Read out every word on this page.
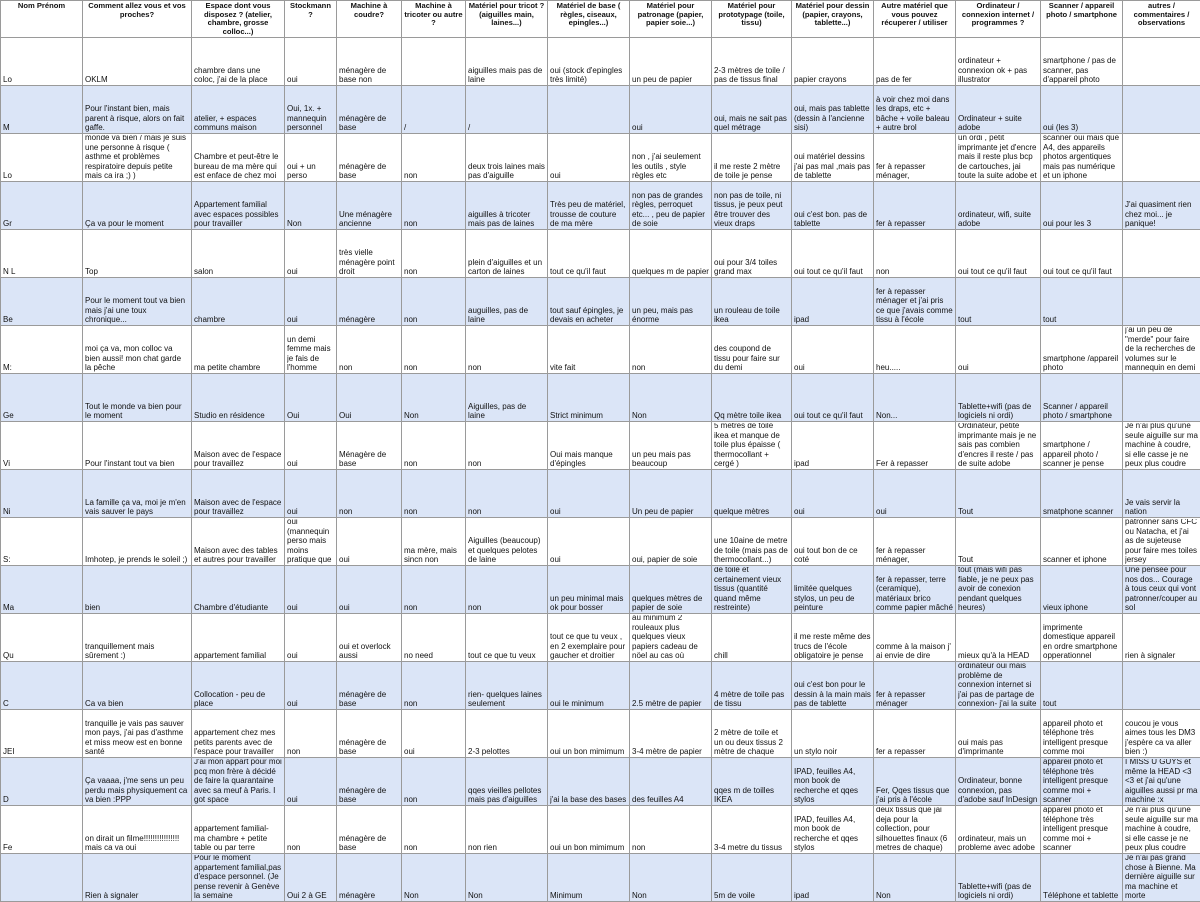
Nom Prénom	Comment allez vous et vos proches?	Espace dont vous disposez ? (atelier, chambre, grosse colloc...)	Stockmann ?	Machine à coudre?	Machine à tricoter ou autre ?	Matériel pour tricot ? (aiguilles main, laines...)	Matériel de base ( règles, ciseaux, epingles...)	Matériel pour patronage (papier, papier soie...)	Matériel pour prototypage (toile, tissu)	Matériel pour dessin (papier, crayons, tablette...)	Autre matériel que vous pouvez récuperer / utiliser	Ordinateur / connexion internet / programmes ?	Scanner / appareil photo / smartphone	autres / commentaires / observations

Lo	OKLM	chambre dans une coloc, j'ai de la place	oui	ménagère de base non		aiguilles mais pas de laine	oui (stock d'epingles très limité)	un peu de papier	2-3 mètres de toile / pas de tissus final	papier crayons	pas de fer	ordinateur + connexion ok + pas illustrator	smartphone / pas de scanner, pas d'appareil photo	

M	Pour l'instant bien, mais parent à risque, alors on fait gaffe.	atelier, + espaces communs maison	Oui, 1x. + mannequin personnel	ménagère de base	/	/		oui	oui, mais ne sait pas quel métrage	oui, mais pas tablette (dessin à l'ancienne sisi)	à voir chez moi dans les draps, etc + bâche + voile baleau + autre brol	Ordinateur + suite adobe	oui (les 3)	

Lo	monde va bien / mais je suis une personne à risque ( asthme et problèmes respiratoire depuis petite mais ca ira ;) )	Chambre et peut-être le bureau de ma mère qui est enface de chez moi	oui + un perso	ménagère de base	non	deux trois laines mais pas d'aiguille	oui	non , j'ai seulement les outils , style règles etc	il me reste 2 mètre de toile je pense	oui matériel dessins j'ai pas mal ,mais pas de tablette	fer à repasser ménager,	un ordi , petit imprimante jet d'encre mais il reste plus bcp de cartouches, jai toute la suite adobe et	scanner oui mais que A4, des appareils photos argentiques mais pas numérique et un iphone	

Gr	Ça va pour le moment	Appartement familial avec espaces possibles pour travailler	Non	Une ménagère ancienne	non	aiguilles à tricoter mais pas de laines	Très peu de matériel, trousse de couture de ma mère	non pas de grandes règles, perroquet etc... , peu de papier de soie	non pas de toile, ni tissus, je peux peut être trouver des vieux draps	oui c'est bon. pas de tablette	fer à repasser	ordinateur, wifi, suite adobe	oui pour les 3	J'ai quasiment rien chez moi... je panique!

N L	Top	salon	oui	très vielle ménagère point droit	non	plein d'aiguilles et un carton de laines	tout ce qu'il faut	quelques m de papier	oui pour 3/4 toiles grand max	oui tout ce qu'il faut	non	oui tout ce qu'il faut	oui tout ce qu'il faut	

Be	Pour le moment tout va bien mais j'ai une toux chronique...	chambre	oui	ménagère	non	auguilles, pas de laine	tout sauf épingles, je devais en acheter	un peu, mais pas énorme	un rouleau de toile ikea	ipad	fer à repasser ménager et j'ai pris ce que j'avais comme tissu à l'école	tout	tout	

M:	moi ça va, mon colloc va bien aussi! mon chat garde la pêche	ma petite chambre	un demi femme mais je fais de l'homme	non	non	non	vite fait	non	des coupond de tissu pour faire sur du demi	oui	heu.....	oui	smartphone /appareil photo	j'ai un peu de "merde" pour faire de la recherches de volumes sur le mannequin en demi

Ge	Tout le monde va bien pour le moment	Studio en résidence	Oui	Oui	Non	Aiguilles, pas de laine	Strict minimum	Non	Qq mètre toile ikea	oui tout ce qu'il faut	Non...	Tablette+wifi (pas de logiciels ni ordi)	Scanner / appareil photo / smartphone	

Vi	Pour l'instant tout va bien	Maison avec de l'espace pour travaillez	oui	Ménagère de base	non	non	Oui mais manque d'épingles	un peu mais pas beaucoup	5 metres de toile ikea et manque de toile plus épaisse ( thermocollant + cergé )	ipad	Fer à repasser	Ordinateur, petite imprimante mais je ne sais pas combien d'encres il reste / pas de suite adobe	smartphone / appareil photo / scanner je pense	Je n'ai plus qu'une seule aiguille sur ma machine à coudre, si elle casse je ne peux plus coudre

Ni	La famille ça va, moi je m'en vais sauver le pays	Maison avec de l'espace pour travaillez	oui	non	non	non	oui	Un peu de papier	quelque mètres	oui	oui	Tout	smatphone scanner	Je vais servir la nation

S:	Imhotep, je prends le soleil ;)	Maison avec des tables et autres pour travailler	oui (mannequin perso mais moins pratique que	oui	ma mère, mais sincn non	Aiguilles (beaucoup) et quelques pelotes de laine	oui	oui, papier de soie	une 10aine de metre de toile (mais pas de thermocollant...)	oui tout bon de ce coté	fer à repasser ménager,	Tout	scanner et iphone	patronner sans CFC ou Natacha, et j'ai as de sujeteuse pour faire mes toiles jersey

Ma	bien	Chambre d'étudiante	oui	oui	non	non	un peu minimal mais ok pour bosser	quelques mètres de papier de soie	de toile et certainement vieux tissus (quantité quand même restreinte)	limitée quelques stylos, un peu de peinture	fer à repasser, terre (ceramique), matériaux brico comme papier mâché	tout (mais wifi pas fiable, je ne peux pas avoir de conexion pendant quelques heures)	vieux iphone	Une pensée pour nos dos... Courage à tous ceux qui vont patronner/couper au sol

Qu	tranquillement mais sûrement :)	appartement familial	oui	oui et overlock aussi	no need	tout ce que tu veux	tout ce que tu veux , en 2 exemplaire pour gaucher et droitier	au minimum 2 rouleaux plus quelques vieux papiers cadeau de nöel au cas où	chill	il me reste même des trucs de l'école obligatoire je pense	comme à la maison j' ai envie de dire	mieux qu'à la HEAD	imprimente domestique appareil en ordre smartphone opperationnel	rien à signaler

C	Ca va bien	Collocation - peu de place	oui	ménagère de base	non	rien- quelques laines seulement	oui le minimum	2.5 mètre de papier	4 mètre de toile pas de tissu	oui c'est bon pour le dessin à la main mais pas de tablette	fer à repasser ménager	ordinateur oui mais problème de connexion internet si j'ai pas de partage de connexion- j'ai la suite	tout	

JEI	tranquille je vais pas sauver mon pays, j'ai pas d'asthme et miss meow est en bonne santé	appartement chez mes petits parents avec de l'espace pour travailler	non	ménagère de base	oui	2-3 pelottes	oui un bon mimimum	3-4 mètre de papier	2 mètre de toile et un ou deux tissus 2 mètre de chaque	un stylo noir	fer a repasser	oui mais pas d'imprimante	appareil photo et téléphone très intelligent presque comme moi	coucou je vous aimes tous les DM3 j'espère ca va aller bien :)

D	Ça vaaaa, j'me sens un peu perdu mais physiquement ca va bien :PPP	J'ai mon appart pour moi pcq mon frère à décidé de faire la quarantaine avec sa meuf à Paris. I got space	oui	ménagère de base	non	qqes vieilles pellotes mais pas d'aiguilles	j'ai la base des bases	des feuilles A4	qqes m de toilles IKEA	IPAD, feuilles A4, mon book de recherche et qqes stylos	Fer, Qqes tissus que j'ai pris à l'école	Ordinateur, bonne connexion, pas d'adobe sauf InDesign	appareil photo et téléphone très intelligent presque comme moi + scanner	I MISS U GUYS et même la HEAD <3 <3 et j'ai qu'une aiguilles aussi pr ma machine :x

Fe	on dirait un filme!!!!!!!!!!!!!!!! mais ca va oui	appartement familial- ma chambre + petite table ou par terre	non	ménagère de base	non	non rien	oui un bon mimimum	non	3-4 metre du tissus	IPAD, feuilles A4, mon book de recherche et qqes stylos	deux tissus que jai deja pour la collection, pour silhouettes finaux (6 metres de chaque)	ordinateur, mais un probleme avec adobe	appareil photo et téléphone très intelligent presque comme moi + scanner	Je n'ai plus qu'une seule aiguille sur ma machine à coudre, si elle casse je ne peux plus coudre

Rien à signaler	Pour le moment appartement familial,pas d'espace personnel. (Je pense revenir à Genève la semaine	Oui 2 à GE	ménagère	Non	Non	Minimum	Non	5m de voile	ipad	Non	Tablette+wifi (pas de logiciels ni ordi)	Téléphone et tablette	Je n'ai pas grand chose à Bienne. Ma dernière aiguille sur ma machine et morte
